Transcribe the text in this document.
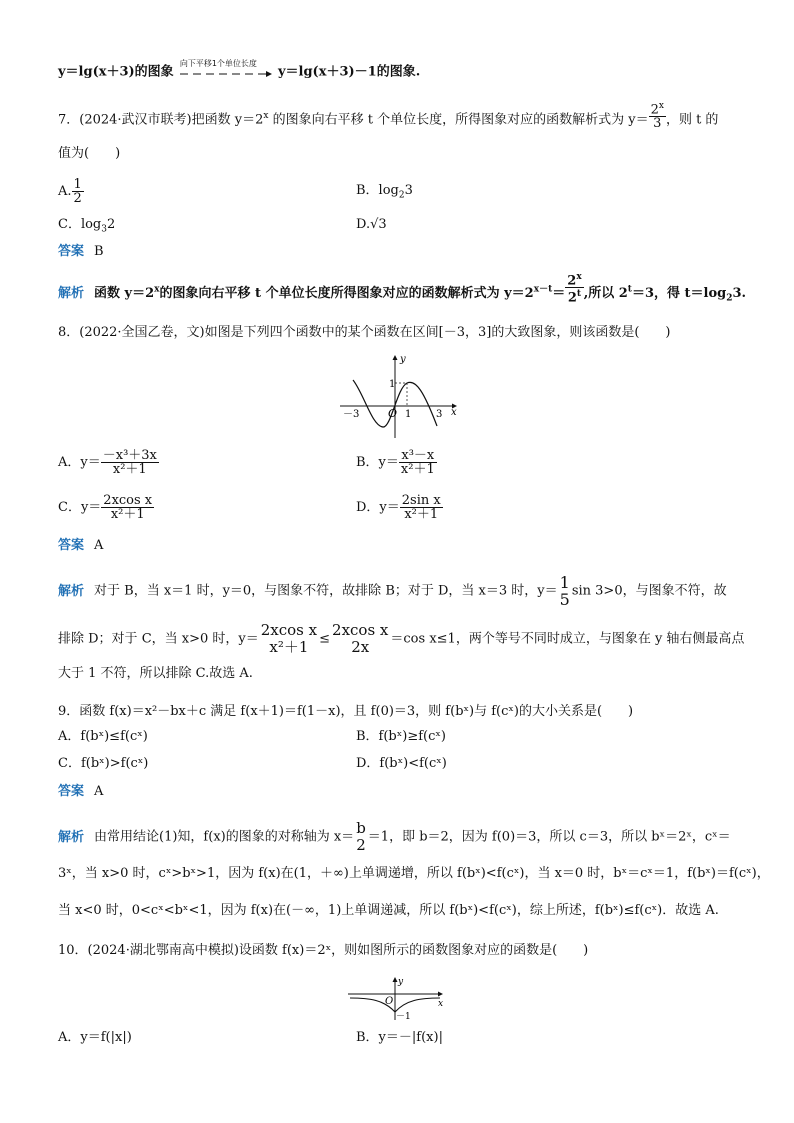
y＝lg(x＋3)的图象
向下平移1个单位长度
y＝lg(x＋3)－1的图象.
7．(2024·武汉市联考)把函数 $y=2^x$ 的图象向右平移 t 个单位长度，所得图象对应的函数解析式为 $y= \frac{2^x}{3}$ ，则 t 的
值为(　　)
A. $\frac{1}{2}$	B．$\log_23$
C．$\log_32$	D.√3
答案 B
解析 函数 $y=2^x$的图象向右平移 t 个单位长度所得图象对应的函数解析式为 $y=2^{x-t}= \frac{2^x}{2^t}$ ,所以 $2^t=3$，得 $t=\log_23$.
8．(2022·全国乙卷，文)如图是下列四个函数中的某个函数在区间[－3，3]的大致图象，则该函数是(　　)
y
x
O
－3	1 3
1
A．$y= \frac{\text{－x³＋3x}}{\text{x²＋1}}$	B．$y= \frac{\text{x³－x}}{\text{x²＋1}}$
C．$y= \frac{\text{2xcos x}}{\text{x²＋1}}$	D．$y= \frac{\text{2sin x}}{\text{x²＋1}}$
答案 A
解析 对于 B，当 x＝1 时，y＝0，与图象不符，故排除 B；对于 D，当 x＝3 时，y＝ 1
5 sin 3>0，与图象不符，故
排除 D；对于 C，当 x>0 时，y＝ 2xcos x
x²＋1 ≤ 2xcos x
2x	＝cos x≤1，两个等号不同时成立，与图象在 y 轴右侧最高点
大于 1 不符，所以排除 C.故选 A.
9．函数 f(x)＝x²－bx＋c 满足 f(x＋1)＝f(1－x)，且 f(0)＝3，则 f(bˣ)与 f(cˣ)的大小关系是(　　)
A．f(bˣ)≤f(cˣ)	B．f(bˣ)≥f(cˣ)
C．f(bˣ)>f(cˣ)	D．f(bˣ)<f(cˣ)
答案 A
解析 由常用结论(1)知，f(x)的图象的对称轴为 x＝ b
2 ＝1，即 b＝2，因为 f(0)＝3，所以 c＝3，所以 bˣ＝2ˣ，cˣ＝
3ˣ，当 x>0 时，cˣ>bˣ>1，因为 f(x)在(1，＋∞)上单调递增，所以 f(bˣ)<f(cˣ)，当 x＝0 时，bˣ＝cˣ＝1，f(bˣ)＝f(cˣ)，
当 x<0 时，0<cˣ<bˣ<1，因为 f(x)在(－∞，1)上单调递减，所以 f(bˣ)<f(cˣ)，综上所述，f(bˣ)≤f(cˣ)．故选 A.
10．(2024·湖北鄂南高中模拟)设函数 f(x)＝2ˣ，则如图所示的函数图象对应的函数是(　　)
y
x
O
－1
A．y＝f(|x|)	B．y＝－|f(x)|
